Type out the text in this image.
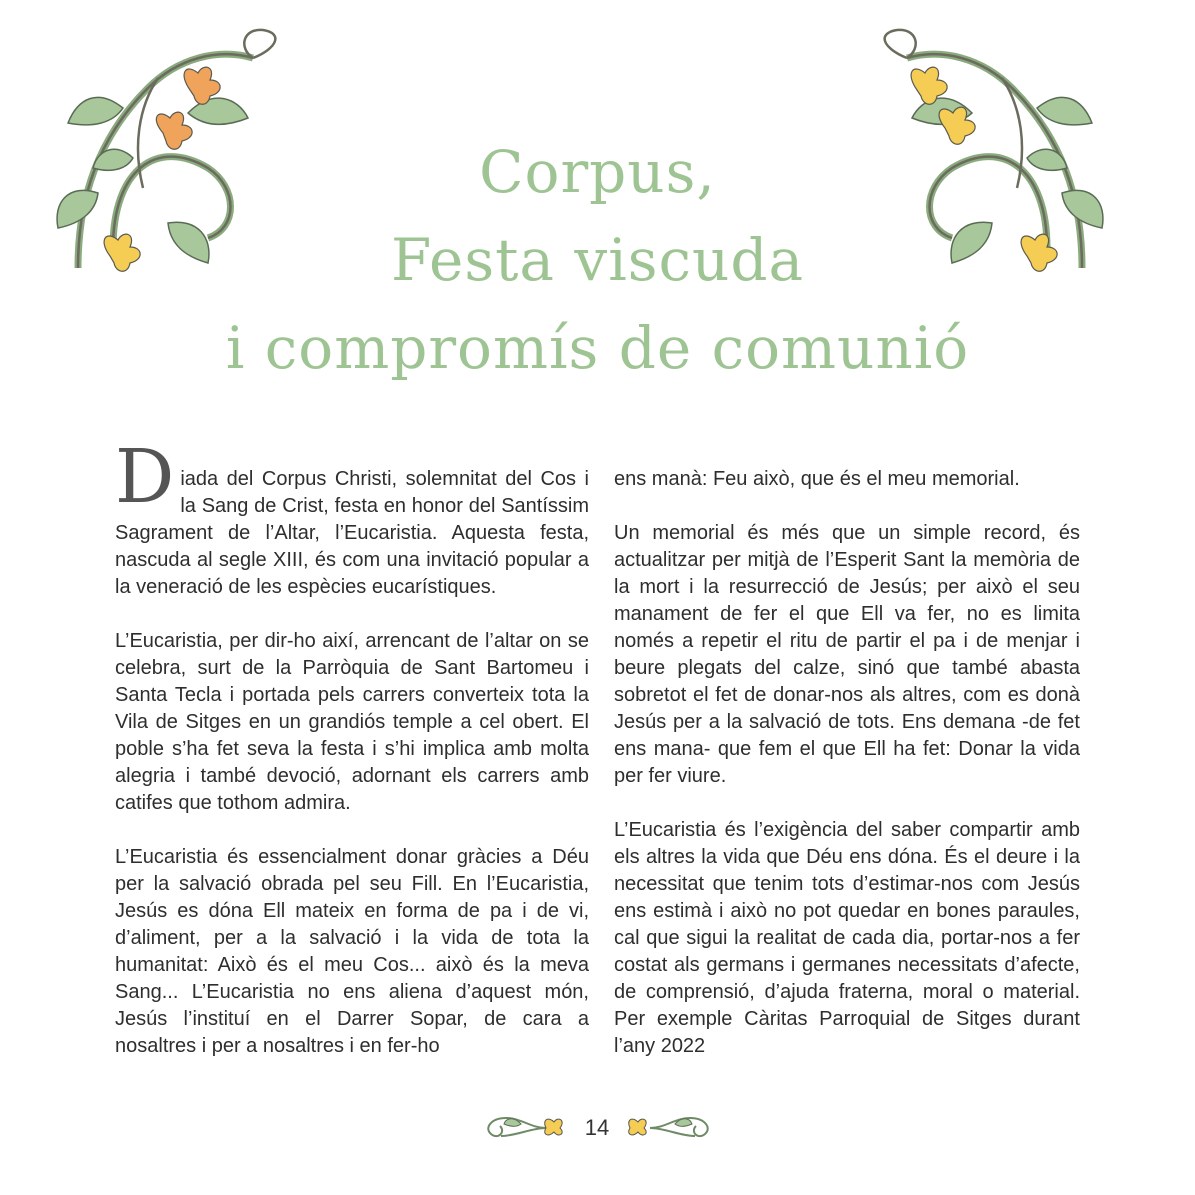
Corpus,
Festa viscuda
i compromís de comunió

Diada del Corpus Christi, solemnitat del Cos i la Sang de Crist, festa en honor del Santíssim Sagrament de l’Altar, l’Eucaristia. Aquesta festa, nascuda al segle XIII, és com una invitació popular a la veneració de les espècies eucarístiques.

L’Eucaristia, per dir-ho així, arrencant de l’altar on se celebra, surt de la Parròquia de Sant Bartomeu i Santa Tecla i portada pels carrers converteix tota la Vila de Sitges en un grandiós temple a cel obert. El poble s’ha fet seva la festa i s’hi implica amb molta alegria i també devoció, adornant els carrers amb catifes que tothom admira.

L’Eucaristia és essencialment donar gràcies a Déu per la salvació obrada pel seu Fill. En l’Eucaristia, Jesús es dóna Ell mateix en forma de pa i de vi, d’aliment, per a la salvació i la vida de tota la humanitat: Això és el meu Cos... això és la meva Sang... L’Eucaristia no ens aliena d’aquest món, Jesús l’instituí en el Darrer Sopar, de cara a nosaltres i per a nosaltres i en fer-ho

ens manà: Feu això, que és el meu memorial.

Un memorial és més que un simple record, és actualitzar per mitjà de l’Esperit Sant la memòria de la mort i la resurrecció de Jesús; per això el seu manament de fer el que Ell va fer, no es limita només a repetir el ritu de partir el pa i de menjar i beure plegats del calze, sinó que també abasta sobretot el fet de donar-nos als altres, com es donà Jesús per a la salvació de tots. Ens demana -de fet ens mana- que fem el que Ell ha fet: Donar la vida per fer viure.

L’Eucaristia és l’exigència del saber compartir amb els altres la vida que Déu ens dóna. És el deure i la necessitat que tenim tots d’estimar-nos com Jesús ens estimà i això no pot quedar en bones paraules, cal que sigui la realitat de cada dia, portar-nos a fer costat als germans i germanes necessitats d’afecte, de comprensió, d’ajuda fraterna, moral o material. Per exemple Càritas Parroquial de Sitges durant l’any 2022

14
